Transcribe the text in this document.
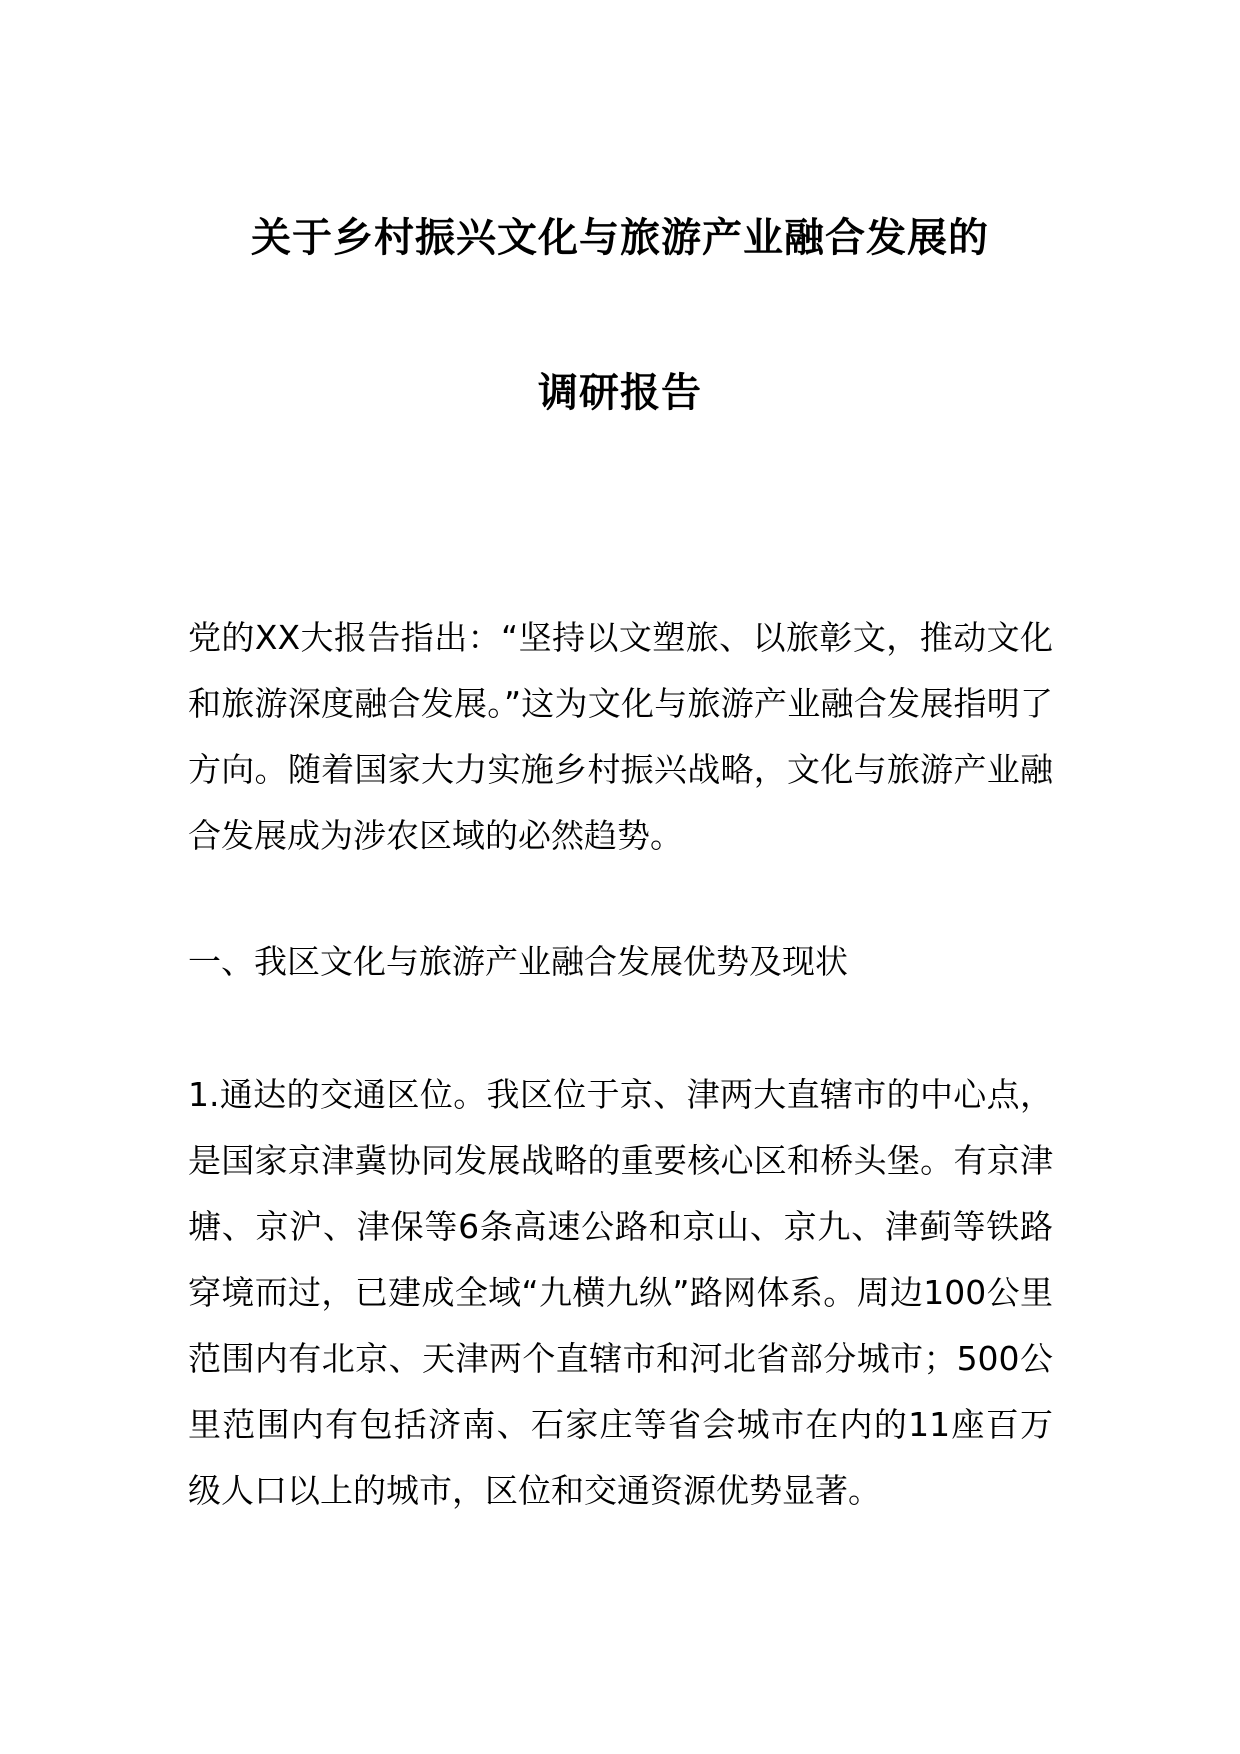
关于乡村振兴文化与旅游产业融合发展的
调研报告

党的XX大报告指出：“坚持以文塑旅、以旅彰文，推动文化和旅游深度融合发展。”这为文化与旅游产业融合发展指明了方向。随着国家大力实施乡村振兴战略，文化与旅游产业融合发展成为涉农区域的必然趋势。

一、我区文化与旅游产业融合发展优势及现状

1.通达的交通区位。我区位于京、津两大直辖市的中心点，是国家京津冀协同发展战略的重要核心区和桥头堡。有京津塘、京沪、津保等6条高速公路和京山、京九、津蓟等铁路穿境而过，已建成全域“九横九纵”路网体系。周边100公里范围内有北京、天津两个直辖市和河北省部分城市；500公里范围内有包括济南、石家庄等省会城市在内的11座百万级人口以上的城市，区位和交通资源优势显著。
